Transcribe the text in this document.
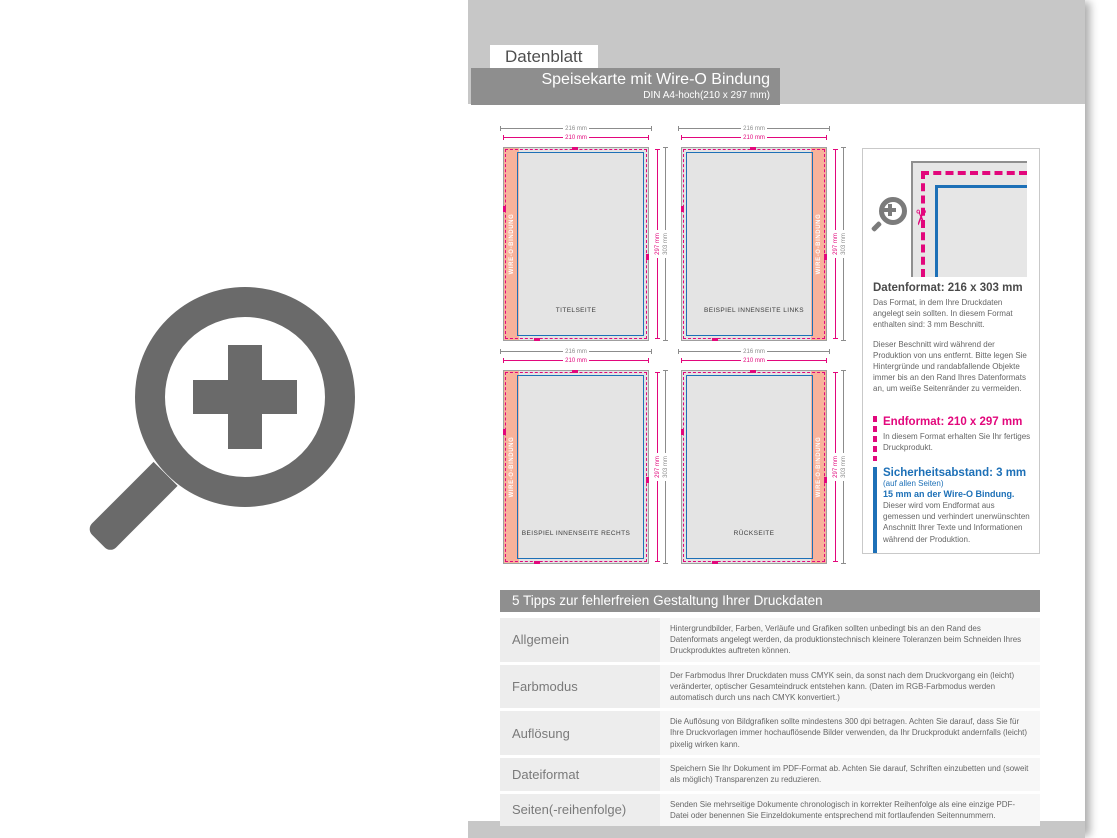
Datenblatt
Speisekarte mit Wire-O Bindung
DIN A4-hoch(210 x 297 mm)
216 mm
210 mm
WIRE-O-BINDUNG
TITELSEITE
297 mm 303 mm
216 mm
210 mm
WIRE-O-BINDUNG
BEISPIEL INNENSEITE LINKS
297 mm 303 mm
216 mm
210 mm
WIRE-O-BINDUNG
BEISPIEL INNENSEITE RECHTS
297 mm 303 mm
216 mm
210 mm
WIRE-O-BINDUNG
RÜCKSEITE
297 mm 303 mm
✂

Datenformat: 216 x 303 mm

Das Format, in dem Ihre Druckdaten angelegt sein sollten. In diesem Format enthalten sind: 3 mm Beschnitt.

Dieser Beschnitt wird während der Produktion von uns entfernt. Bitte legen Sie Hintergründe und randabfallende Objekte immer bis an den Rand Ihres Datenformats an, um weiße Seitenränder zu vermeiden.

Endformat: 210 x 297 mm

In diesem Format erhalten Sie Ihr fertiges Druckprodukt.

Sicherheitsabstand: 3 mm

(auf allen Seiten)

15 mm an der Wire-O Bindung.

Dieser wird vom Endformat aus gemessen und verhindert unerwünschten Anschnitt Ihrer Texte und Informationen während der Produktion.

5 Tipps zur fehlerfreien Gestaltung Ihrer Druckdaten
Allgemein
Hintergrundbilder, Farben, Verläufe und Grafiken sollten unbedingt bis an den Rand des Datenformats angelegt werden, da produktionstechnisch kleinere Toleranzen beim Schneiden Ihres Druckproduktes auftreten können.
Farbmodus
Der Farbmodus Ihrer Druckdaten muss CMYK sein, da sonst nach dem Druckvorgang ein (leicht) veränderter, optischer Gesamteindruck entstehen kann. (Daten im RGB-Farbmodus werden automatisch durch uns nach CMYK konvertiert.)
Auflösung
Die Auflösung von Bildgrafiken sollte mindestens 300 dpi betragen. Achten Sie darauf, dass Sie für Ihre Druckvorlagen immer hochauflösende Bilder verwenden, da Ihr Druckprodukt andernfalls (leicht) pixelig wirken kann.
Dateiformat	Speichern Sie Ihr Dokument im PDF-Format ab. Achten Sie darauf, Schriften einzubetten und (soweit als möglich) Transparenzen zu reduzieren.
Seiten(-reihenfolge)	Senden Sie mehrseitige Dokumente chronologisch in korrekter Reihenfolge als eine einzige PDF-Datei oder benennen Sie Einzeldokumente entsprechend mit fortlaufenden Seitennummern.
